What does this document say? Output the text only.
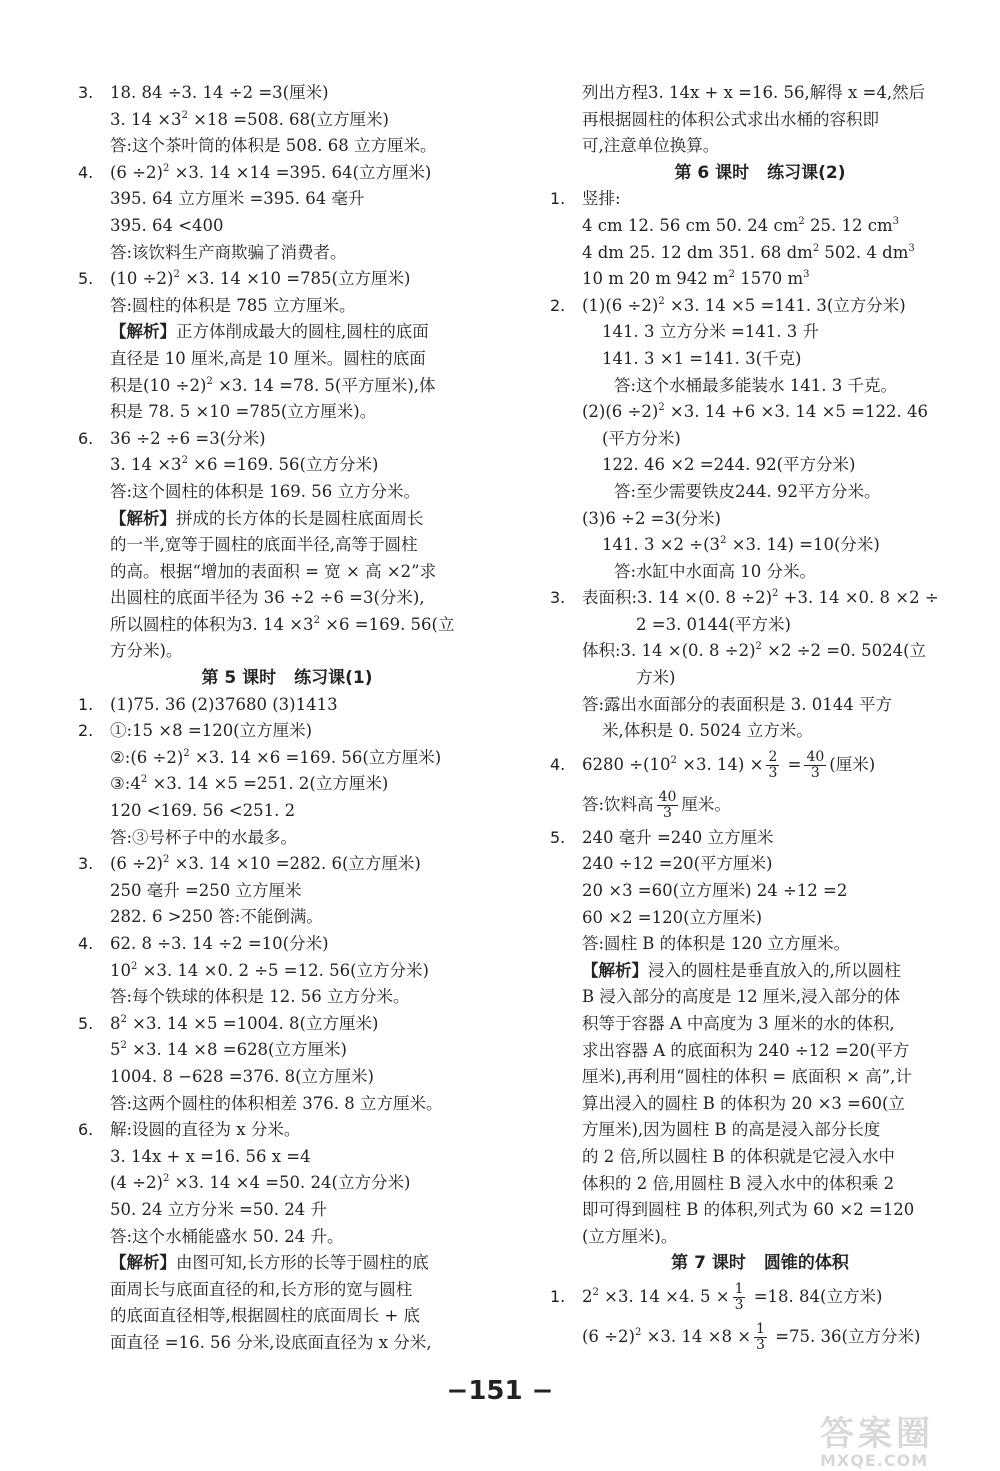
3. 18. 84 ÷3. 14 ÷2 =3(厘米)
3. $14 \times 3^2 \times 18 =508$. 68(立方厘米)
答:这个茶叶筒的体积是 508. 68 立方厘米。
4. $(6 \div 2)^2 \times 3$. 14 ×14 =395. 64(立方厘米)
395. 64 立方厘米 =395. 64 毫升
395. 64 <400
答:该饮料生产商欺骗了消费者。
5. $(10 \div 2)^2 \times 3$. 14 ×10 =785(立方厘米)
答:圆柱的体积是 785 立方厘米。
【解析】正方体削成最大的圆柱,圆柱的底面
直径是 10 厘米,高是 10 厘米。圆柱的底面
积是$(10 \div 2)^2 \times 3$. 14 =78. 5(平方厘米),体
积是 78. 5 ×10 =785(立方厘米)。
6. 36 ÷2 ÷6 =3(分米)
3. $14 \times 3^2 \times 6 =169$. 56(立方分米)
答:这个圆柱的体积是 169. 56 立方分米。
【解析】拼成的长方体的长是圆柱底面周长
的一半,宽等于圆柱的底面半径,高等于圆柱
的高。根据“增加的表面积 = 宽 × 高 ×2”求
出圆柱的底面半径为 36 ÷2 ÷6 =3(分米),
所以圆柱的体积为3. $14 \times 3^2 \times 6 =169$. 56(立
方分米)。
第 5 课时 练习课(1)
1. (1)75. 36 (2)37680 (3)1413
2. ①:15 ×8 =120(立方厘米)
②:(6 ÷2)$^2$ ×3. 14 ×6 =169. 56(立方厘米)
$③:4^2 \times 3$. 14 ×5 =251. 2(立方厘米)
120 <169. 56 <251. 2
答:③号杯子中的水最多。
3. $(6 \div 2)^2 \times 3$. 14 ×10 =282. 6(立方厘米)
250 毫升 =250 立方厘米
282. 6 >250 答:不能倒满。
4. 62. 8 ÷3. 14 ÷2 =10(分米)
$10^2 \times 3$. 14 ×0. 2 ÷5 =12. 56(立方分米)
答:每个铁球的体积是 12. 56 立方分米。
5. $8^2 \times 3$. 14 ×5 =1004. 8(立方厘米)
$5^2 \times 3$. 14 ×8 =628(立方厘米)
1004. 8 −628 =376. 8(立方厘米)
答:这两个圆柱的体积相差 376. 8 立方厘米。
6. 解:设圆的直径为 x 分米。
3. 14x + x =16. 56 x =4
$(4 \div 2)^2 \times 3$. 14 ×4 =50. 24(立方分米)
50. 24 立方分米 =50. 24 升
答:这个水桶能盛水 50. 24 升。
【解析】由图可知,长方形的长等于圆柱的底
面周长与底面直径的和,长方形的宽与圆柱
的底面直径相等,根据圆柱的底面周长 + 底
面直径 =16. 56 分米,设底面直径为 x 分米,
列出方程3. 14x + x =16. 56,解得 x =4,然后
再根据圆柱的体积公式求出水桶的容积即
可,注意单位换算。
第 6 课时 练习课(2)
1. 竖排:
4 cm 12. 56 cm 50. 24 $cm^2$ 25. 12 $cm^3$
4 dm 25. 12 dm 351. 68 $dm^2$ 502. 4 $dm^3$
10 m 20 m 942 $m^2$ 1570 $m^3$
2. $(1)(6 \div 2)^2 \times 3$. 14 ×5 =141. 3(立方分米)
141. 3 立方分米 =141. 3 升
141. 3 ×1 =141. 3(千克)
答:这个水桶最多能装水 141. 3 千克。
$(2)(6 \div 2)^2 \times 3$. 14 +6 ×3. 14 ×5 =122. 46
(平方分米)
122. 46 ×2 =244. 92(平方分米)
答:至少需要铁皮244. 92平方分米。
(3)6 ÷2 =3(分米)
141. $3 \times 2 \div(3^2 \times 3$. 14) =10(分米)
答:水缸中水面高 10 分米。
3. 表面积:3. 14 ×(0. 8 ÷2)$^2$ +3. 14 ×0. 8 ×2 ÷
2 =3. 0144(平方米)
体积:3. 14 ×(0. 8 ÷2)$^2$ ×2 ÷2 =0. 5024(立
方米)
答:露出水面部分的表面积是 3. 0144 平方
米,体积是 0. 5024 立方米。
4. $6280 \div(10^2 \times 3$. $14) \times \frac{2}{3} = \frac{40}{3}$ (厘米)
答:饮料高 $\frac{40}{3}$ 厘米。
5. 240 毫升 =240 立方厘米
240 ÷12 =20(平方厘米)
20 ×3 =60(立方厘米) 24 ÷12 =2
60 ×2 =120(立方厘米)
答:圆柱 B 的体积是 120 立方厘米。
【解析】浸入的圆柱是垂直放入的,所以圆柱
B 浸入部分的高度是 12 厘米,浸入部分的体
积等于容器 A 中高度为 3 厘米的水的体积,
求出容器 A 的底面积为 240 ÷12 =20(平方
厘米),再利用“圆柱的体积 = 底面积 × 高”,计
算出浸入的圆柱 B 的体积为 20 ×3 =60(立
方厘米),因为圆柱 B 的高是浸入部分长度
的 2 倍,所以圆柱 B 的体积就是它浸入水中
体积的 2 倍,用圆柱 B 浸入水中的体积乘 2
即可得到圆柱 B 的体积,列式为 60 ×2 =120
(立方厘米)。
第 7 课时 圆锥的体积
1. $2^2 \times 3$. 14 ×4. $5 \times \frac{1}{3} =18$. 84(立方米)
$(6 \div 2)^2 \times 3$. $14 \times 8 \times \frac{1}{3} =75$. 36(立方分米)
−151 −
答案圈
MXQE.COM
